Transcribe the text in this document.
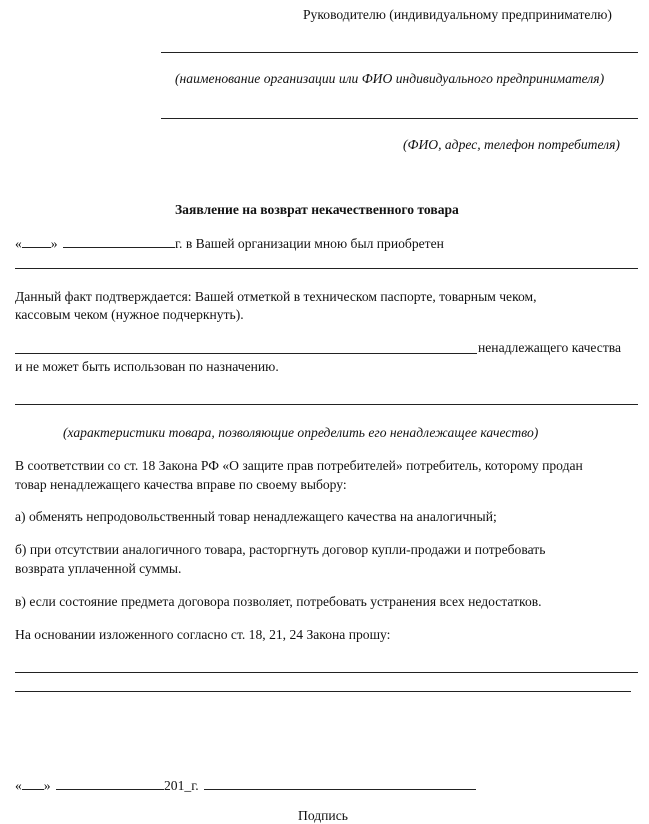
Руководителю (индивидуальному предпринимателю)
(наименование организации или ФИО индивидуального предпринимателя)
(ФИО, адрес, телефон потребителя)
Заявление на возврат некачественного товара
« »	г. в Вашей организации мною был приобретен
Данный факт подтверждается: Вашей отметкой в техническом паспорте, товарным чеком,
кассовым чеком (нужное подчеркнуть).
ненадлежащего качества
и не может быть использован по назначению.
(характеристики товара, позволяющие определить его ненадлежащее качество)
В соответствии со ст. 18 Закона РФ «О защите прав потребителей» потребитель, которому продан
товар ненадлежащего качества вправе по своему выбору:
а) обменять непродовольственный товар ненадлежащего качества на аналогичный;
б) при отсутствии аналогичного товара, расторгнуть договор купли-продажи и потребовать
возврата уплаченной суммы.
в) если состояние предмета договора позволяет, потребовать устранения всех недостатков.
На основании изложенного согласно ст. 18, 21, 24 Закона прошу:
« »	201_г.
Подпись
